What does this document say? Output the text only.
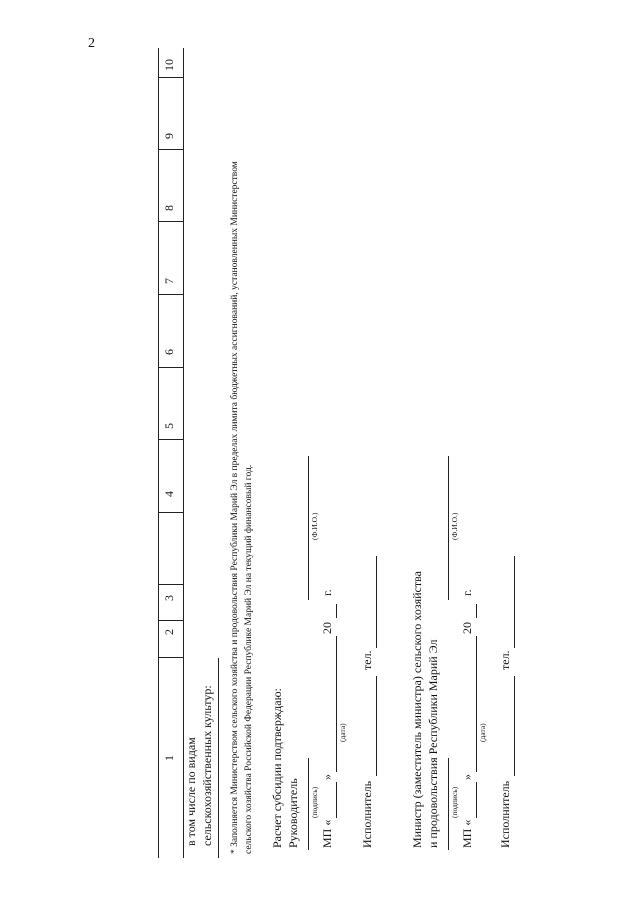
2
1
2
3
4
5
6
7
8
9
10
в том числе по видам сельскохозяйственных культур: * Заполняется Министерством сельского хозяйства и продовольствия Республики Марий Эл в пределах лимита бюджетных ассигнований, установленных Министерством сельского хозяйства Российской Федерации Республике Марий Эл на текущий финансовый год. Расчет субсидии подтверждаю: Руководитель (подпись)
(Ф.И.О.)
МП «
»
20
г.
(дата)
Исполнитель
тел.	Министр (заместитель министра) сельского хозяйства и продовольствия Республики Марий Эл (подпись)
(Ф.И.О.)
МП «
»
20
г.
(дата)
Исполнитель
тел.
